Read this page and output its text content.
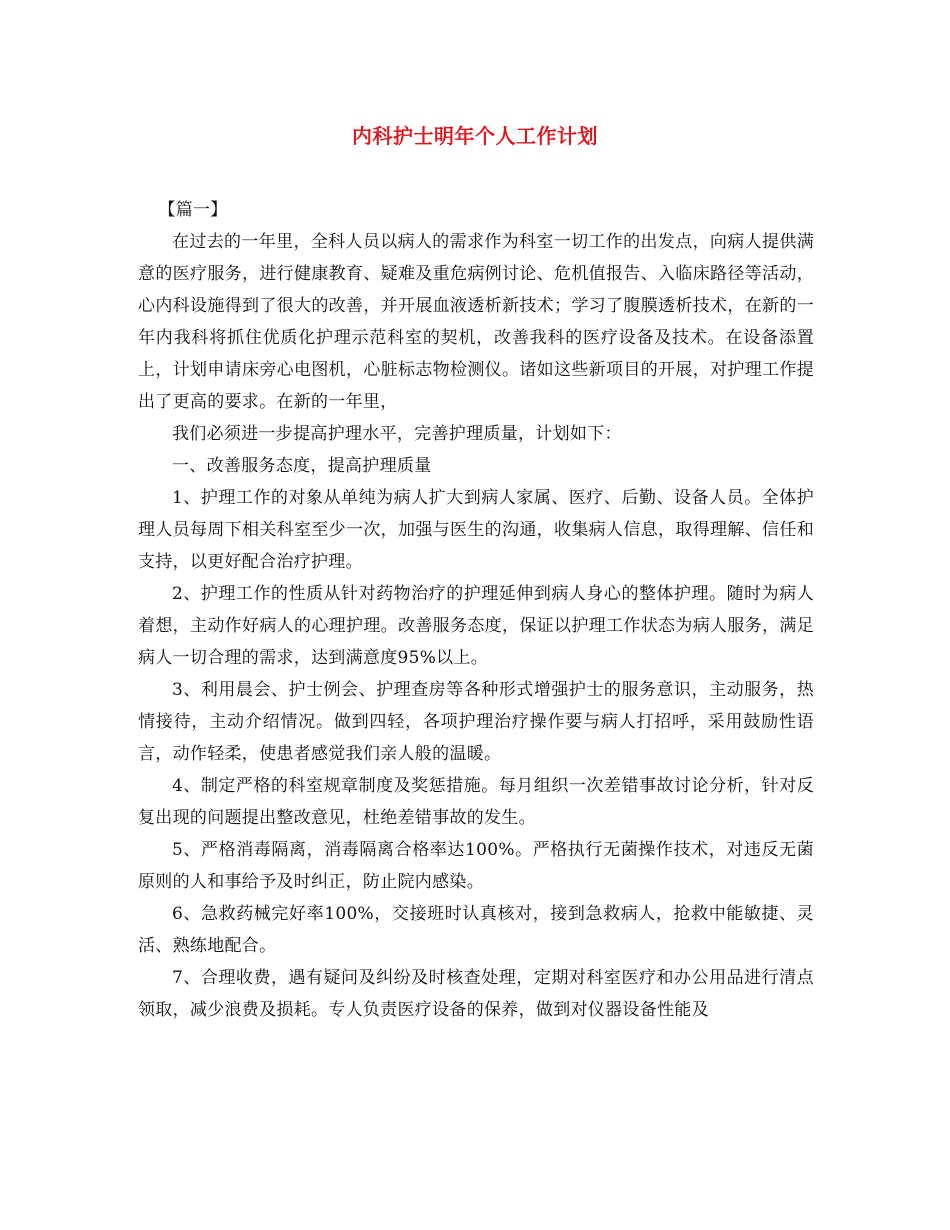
内科护士明年个人工作计划

【篇一】

在过去的一年里，全科人员以病人的需求作为科室一切工作的出发点，向病人提供满意的医疗服务，进行健康教育、疑难及重危病例讨论、危机值报告、入临床路径等活动，心内科设施得到了很大的改善，并开展血液透析新技术；学习了腹膜透析技术，在新的一年内我科将抓住优质化护理示范科室的契机，改善我科的医疗设备及技术。在设备添置上，计划申请床旁心电图机，心脏标志物检测仪。诸如这些新项目的开展，对护理工作提出了更高的要求。在新的一年里，

我们必须进一步提高护理水平，完善护理质量，计划如下：

一、改善服务态度，提高护理质量

1、护理工作的对象从单纯为病人扩大到病人家属、医疗、后勤、设备人员。全体护理人员每周下相关科室至少一次，加强与医生的沟通，收集病人信息，取得理解、信任和支持，以更好配合治疗护理。

2、护理工作的性质从针对药物治疗的护理延伸到病人身心的整体护理。随时为病人着想，主动作好病人的心理护理。改善服务态度，保证以护理工作状态为病人服务，满足病人一切合理的需求，达到满意度95%以上。

3、利用晨会、护士例会、护理查房等各种形式增强护士的服务意识，主动服务，热情接待，主动介绍情况。做到四轻，各项护理治疗操作要与病人打招呼，采用鼓励性语言，动作轻柔，使患者感觉我们亲人般的温暖。

4、制定严格的科室规章制度及奖惩措施。每月组织一次差错事故讨论分析，针对反复出现的问题提出整改意见，杜绝差错事故的发生。

5、严格消毒隔离，消毒隔离合格率达100%。严格执行无菌操作技术，对违反无菌原则的人和事给予及时纠正，防止院内感染。

6、急救药械完好率100%，交接班时认真核对，接到急救病人，抢救中能敏捷、灵活、熟练地配合。

7、合理收费，遇有疑问及纠纷及时核查处理，定期对科室医疗和办公用品进行清点领取，减少浪费及损耗。专人负责医疗设备的保养，做到对仪器设备性能及
